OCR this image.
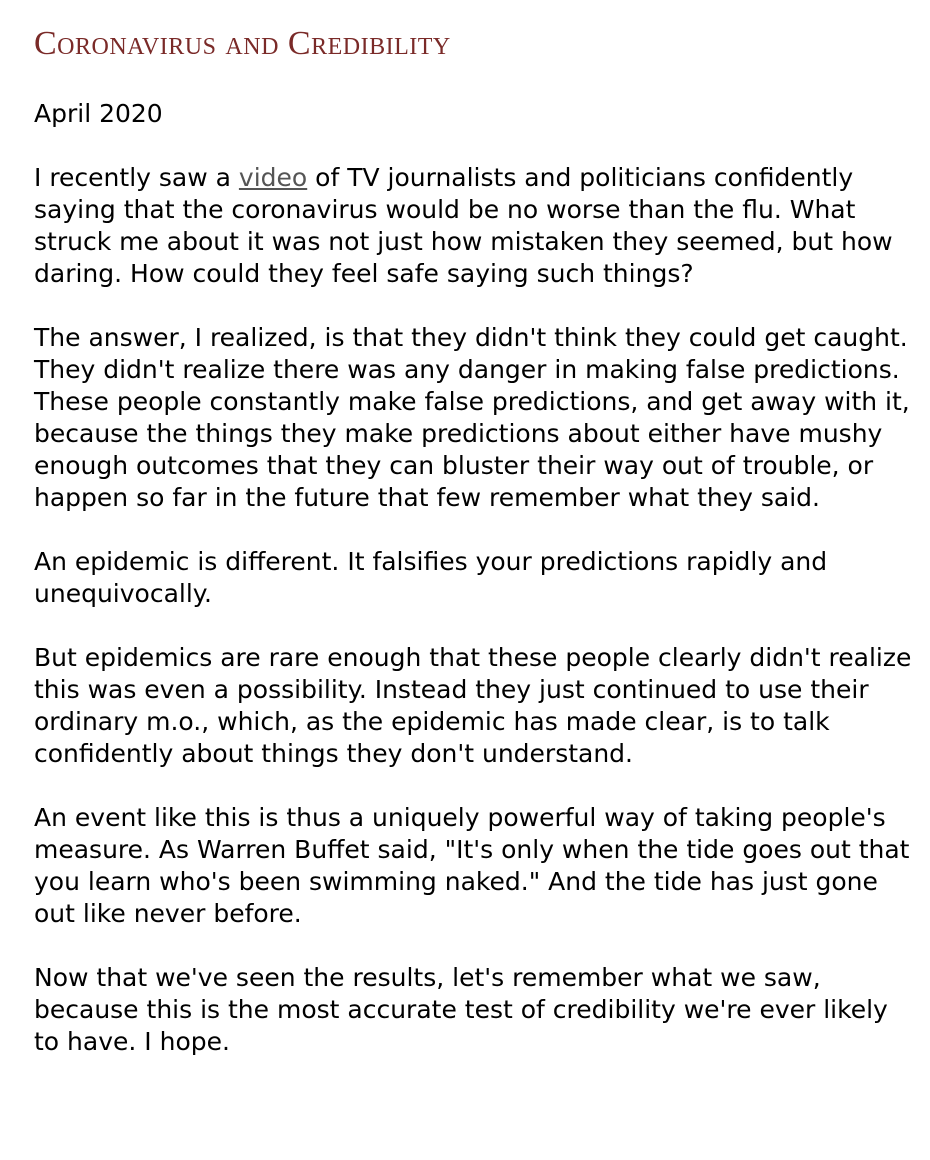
Coronavirus and Credibility
April 2020

I recently saw a video of TV journalists and politicians confidently saying that the coronavirus would be no worse than the flu. What struck me about it was not just how mistaken they seemed, but how daring. How could they feel safe saying such things?

The answer, I realized, is that they didn't think they could get caught. They didn't realize there was any danger in making false predictions. These people constantly make false predictions, and get away with it, because the things they make predictions about either have mushy enough outcomes that they can bluster their way out of trouble, or happen so far in the future that few remember what they said.

An epidemic is different. It falsifies your predictions rapidly and unequivocally.

But epidemics are rare enough that these people clearly didn't realize this was even a possibility. Instead they just continued to use their ordinary m.o., which, as the epidemic has made clear, is to talk confidently about things they don't understand.

An event like this is thus a uniquely powerful way of taking people's measure. As Warren Buffet said, "It's only when the tide goes out that you learn who's been swimming naked." And the tide has just gone out like never before.

Now that we've seen the results, let's remember what we saw, because this is the most accurate test of credibility we're ever likely to have. I hope.
